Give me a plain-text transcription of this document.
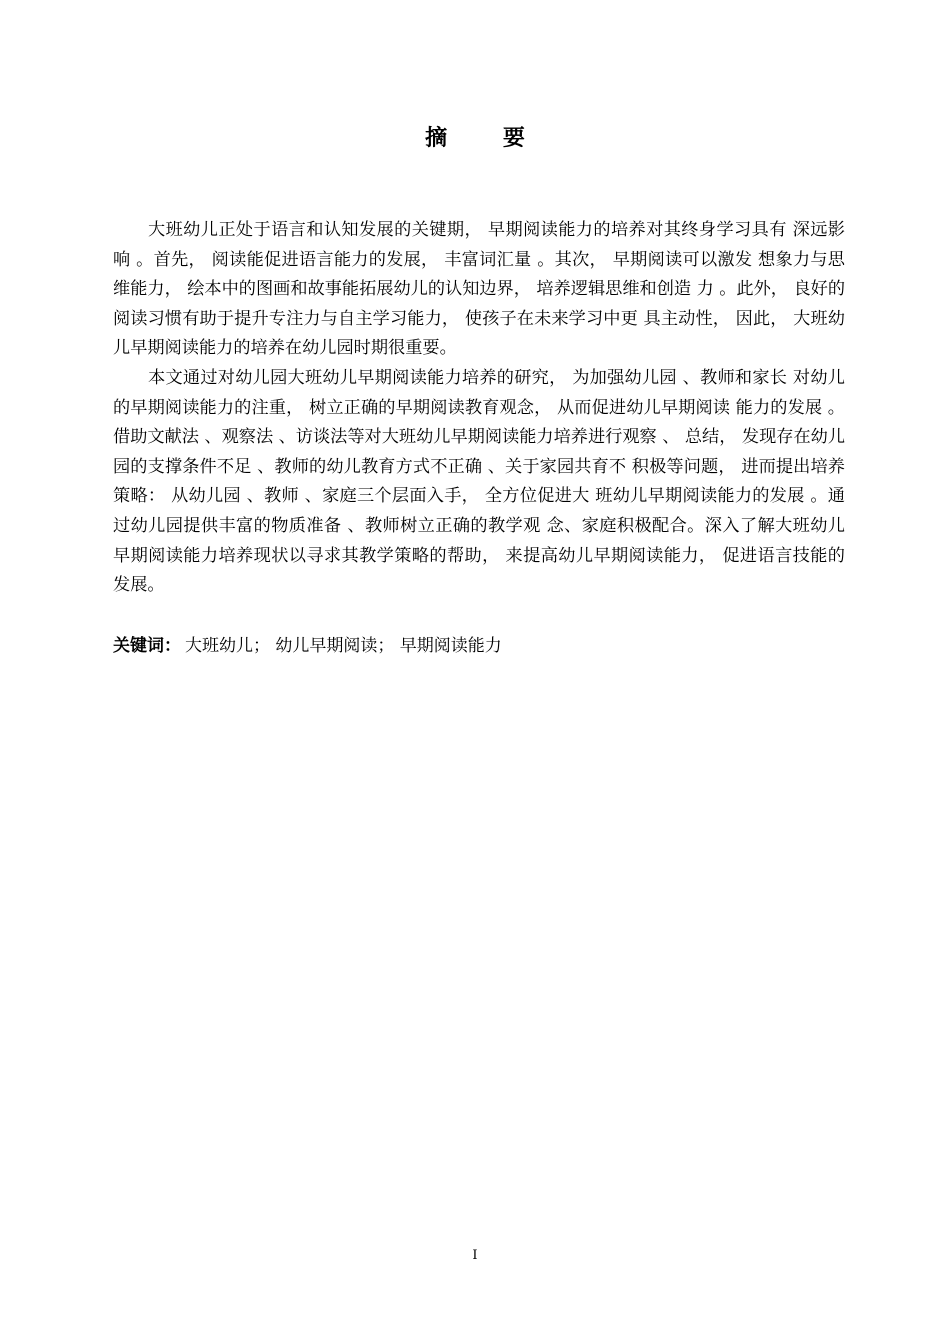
摘 要

大班幼儿正处于语言和认知发展的关键期， 早期阅读能力的培养对其终身学习具有 深远影响 。首先， 阅读能促进语言能力的发展， 丰富词汇量 。其次， 早期阅读可以激发 想象力与思维能力， 绘本中的图画和故事能拓展幼儿的认知边界， 培养逻辑思维和创造 力 。此外， 良好的阅读习惯有助于提升专注力与自主学习能力， 使孩子在未来学习中更 具主动性， 因此， 大班幼儿早期阅读能力的培养在幼儿园时期很重要。

本文通过对幼儿园大班幼儿早期阅读能力培养的研究， 为加强幼儿园 、教师和家长 对幼儿的早期阅读能力的注重， 树立正确的早期阅读教育观念， 从而促进幼儿早期阅读 能力的发展 。借助文献法 、观察法 、访谈法等对大班幼儿早期阅读能力培养进行观察 、 总结， 发现存在幼儿园的支撑条件不足 、教师的幼儿教育方式不正确 、关于家园共育不 积极等问题， 进而提出培养策略： 从幼儿园 、教师 、家庭三个层面入手， 全方位促进大 班幼儿早期阅读能力的发展 。通过幼儿园提供丰富的物质准备 、教师树立正确的教学观 念、家庭积极配合。深入了解大班幼儿早期阅读能力培养现状以寻求其教学策略的帮助， 来提高幼儿早期阅读能力， 促进语言技能的发展。

关键词： 大班幼儿； 幼儿早期阅读； 早期阅读能力
I
